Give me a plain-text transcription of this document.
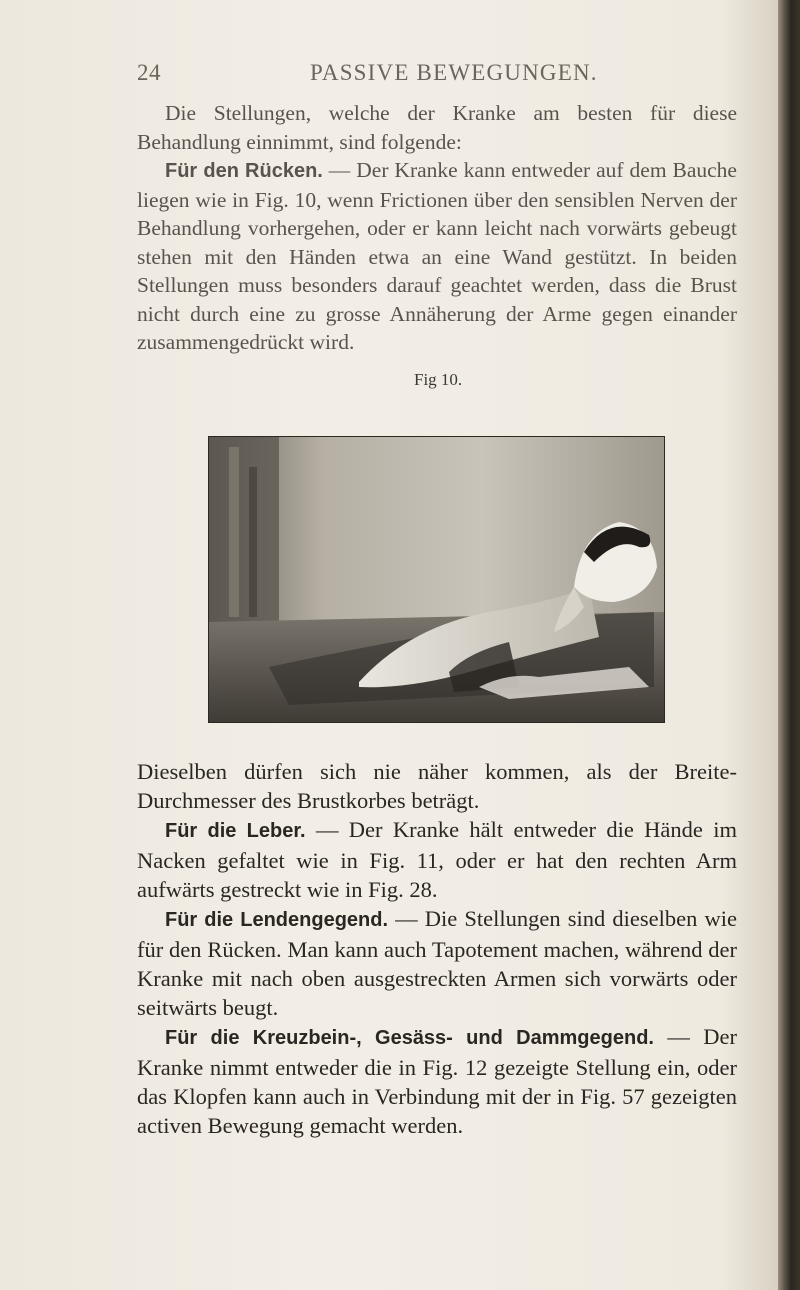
24	PASSIVE BEWEGUNGEN.

Die Stellungen, welche der Kranke am besten für diese Behandlung einnimmt, sind folgende:

Für den Rücken. — Der Kranke kann entweder auf dem Bauche liegen wie in Fig. 10, wenn Frictionen über den sensiblen Nerven der Behandlung vorhergehen, oder er kann leicht nach vorwärts gebeugt stehen mit den Händen etwa an eine Wand gestützt. In beiden Stellungen muss besonders darauf geachtet werden, dass die Brust nicht durch eine zu grosse Annäherung der Arme gegen einander zusammengedrückt wird.

Fig 10.

Dieselben dürfen sich nie näher kommen, als der Breite-Durchmesser des Brustkorbes beträgt.

Für die Leber. — Der Kranke hält entweder die Hände im Nacken gefaltet wie in Fig. 11, oder er hat den rechten Arm aufwärts gestreckt wie in Fig. 28.

Für die Lendengegend. — Die Stellungen sind dieselben wie für den Rücken. Man kann auch Tapotement machen, während der Kranke mit nach oben ausgestreckten Armen sich vorwärts oder seitwärts beugt.

Für die Kreuzbein-, Gesäss- und Dammgegend. — Der Kranke nimmt entweder die in Fig. 12 gezeigte Stellung ein, oder das Klopfen kann auch in Verbindung mit der in Fig. 57 gezeigten activen Bewegung gemacht werden.
